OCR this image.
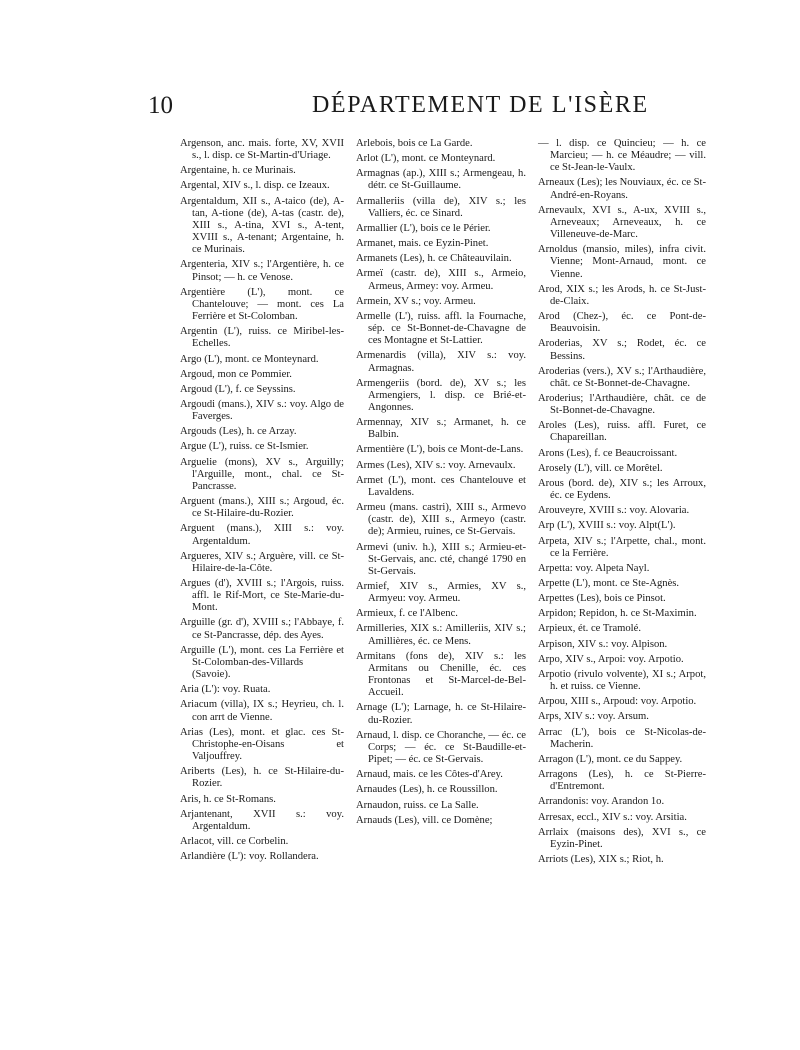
10	DÉPARTEMENT DE L'ISÈRE

Argenson, anc. mais. forte, XV, XVII s., l. disp. ce St-Martin-d'Uriage.

Argentaine, h. ce Murinais.

Argental, XIV s., l. disp. ce Izeaux.

Argentaldum, XII s., A-taico (de), A-tan, A-tione (de), A-tas (castr. de), XIII s., A-tina, XVI s., A-tent, XVIII s., A-tenant; Argentaine, h. ce Murinais.

Argenteria, XIV s.; l'Argentière, h. ce Pinsot; — h. ce Venose.

Argentière (L'), mont. ce Chantelouve; — mont. ces La Ferrière et St-Colomban.

Argentin (L'), ruiss. ce Miribel-les-Echelles.

Argo (L'), mont. ce Monteynard.

Argoud, mon ce Pommier.

Argoud (L'), f. ce Seyssins.

Argoudi (mans.), XIV s.: voy. Algo de Faverges.

Argouds (Les), h. ce Arzay.

Argue (L'), ruiss. ce St-Ismier.

Arguelie (mons), XV s., Arguilly; l'Arguille, mont., chal. ce St-Pancrasse.

Arguent (mans.), XIII s.; Argoud, éc. ce St-Hilaire-du-Rozier.

Arguent (mans.), XIII s.: voy. Argentaldum.

Argueres, XIV s.; Arguère, vill. ce St-Hilaire-de-la-Côte.

Argues (d'), XVIII s.; l'Argois, ruiss. affl. le Rif-Mort, ce Ste-Marie-du-Mont.

Arguille (gr. d'), XVIII s.; l'Abbaye, f. ce St-Pancrasse, dép. des Ayes.

Arguille (L'), mont. ces La Ferrière et St-Colomban-des-Villards (Savoie).

Aria (L'): voy. Ruata.

Ariacum (villa), IX s.; Heyrieu, ch. l. con arrt de Vienne.

Arias (Les), mont. et glac. ces St-Christophe-en-Oisans et Valjouffrey.

Ariberts (Les), h. ce St-Hilaire-du-Rozier.

Aris, h. ce St-Romans.

Arjantenant, XVII s.: voy. Argentaldum.

Arlacot, vill. ce Corbelin.

Arlandière (L'): voy. Rollandera.

Arlebois, bois ce La Garde.

Arlot (L'), mont. ce Monteynard.

Armagnas (ap.), XIII s.; Armengeau, h. détr. ce St-Guillaume.

Armalleriis (villa de), XIV s.; les Valliers, éc. ce Sinard.

Armallier (L'), bois ce le Périer.

Armanet, mais. ce Eyzin-Pinet.

Armanets (Les), h. ce Châteauvilain.

Armeï (castr. de), XIII s., Armeio, Armeus, Armey: voy. Armeu.

Armein, XV s.; voy. Armeu.

Armelle (L'), ruiss. affl. la Fournache, sép. ce St-Bonnet-de-Chavagne de ces Montagne et St-Lattier.

Armenardis (villa), XIV s.: voy. Armagnas.

Armengeriis (bord. de), XV s.; les Armengiers, l. disp. ce Brié-et-Angonnes.

Armennay, XIV s.; Armanet, h. ce Balbin.

Armentière (L'), bois ce Mont-de-Lans.

Armes (Les), XIV s.: voy. Arnevaulx.

Armet (L'), mont. ces Chantelouve et Lavaldens.

Armeu (mans. castri), XIII s., Armevo (castr. de), XIII s., Armeyo (castr. de); Armieu, ruines, ce St-Gervais.

Armevi (univ. h.), XIII s.; Armieu-et-St-Gervais, anc. cté, changé 1790 en St-Gervais.

Armief, XIV s., Armies, XV s., Armyeu: voy. Armeu.

Armieux, f. ce l'Albenc.

Armilleries, XIX s.: Amilleriis, XIV s.; Amillières, éc. ce Mens.

Armitans (fons de), XIV s.: les Armitans ou Chenille, éc. ces Frontonas et St-Marcel-de-Bel-Accueil.

Arnage (L'); Larnage, h. ce St-Hilaire-du-Rozier.

Arnaud, l. disp. ce Choranche, — éc. ce Corps; — éc. ce St-Baudille-et-Pipet; — éc. ce St-Gervais.

Arnaud, mais. ce les Côtes-d'Arey.

Arnaudes (Les), h. ce Roussillon.

Arnaudon, ruiss. ce La Salle.

Arnauds (Les), vill. ce Domène;

— l. disp. ce Quincieu; — h. ce Marcieu; — h. ce Méaudre; — vill. ce St-Jean-le-Vaulx.

Arneaux (Les); les Nouviaux, éc. ce St-André-en-Royans.

Arnevaulx, XVI s., A-ux, XVIII s., Arneveaux; Arneveaux, h. ce Villeneuve-de-Marc.

Arnoldus (mansio, miles), infra civit. Vienne; Mont-Arnaud, mont. ce Vienne.

Arod, XIX s.; les Arods, h. ce St-Just-de-Claix.

Arod (Chez-), éc. ce Pont-de-Beauvoisin.

Aroderias, XV s.; Rodet, éc. ce Bessins.

Aroderias (vers.), XV s.; l'Arthaudière, chât. ce St-Bonnet-de-Chavagne.

Aroderius; l'Arthaudière, chât. ce de St-Bonnet-de-Chavagne.

Aroles (Les), ruiss. affl. Furet, ce Chapareillan.

Arons (Les), f. ce Beaucroissant.

Arosely (L'), vill. ce Morêtel.

Arous (bord. de), XIV s.; les Arroux, éc. ce Eydens.

Arouveyre, XVIII s.: voy. Alovaria.

Arp (L'), XVIII s.: voy. Alpt(L').

Arpeta, XIV s.; l'Arpette, chal., mont. ce la Ferrière.

Arpetta: voy. Alpeta Nayl.

Arpette (L'), mont. ce Ste-Agnès.

Arpettes (Les), bois ce Pinsot.

Arpidon; Repidon, h. ce St-Maximin.

Arpieux, ét. ce Tramolé.

Arpison, XIV s.: voy. Alpison.

Arpo, XIV s., Arpoi: voy. Arpotio.

Arpotio (rivulo volvente), XI s.; Arpot, h. et ruiss. ce Vienne.

Arpou, XIII s., Arpoud: voy. Arpotio.

Arps, XIV s.: voy. Arsum.

Arrac (L'), bois ce St-Nicolas-de-Macherin.

Arragon (L'), mont. ce du Sappey.

Arragons (Les), h. ce St-Pierre-d'Entremont.

Arrandonis: voy. Arandon 1o.

Arresax, eccl., XIV s.: voy. Arsitia.

Arrlaix (maisons des), XVI s., ce Eyzin-Pinet.

Arriots (Les), XIX s.; Riot, h.
